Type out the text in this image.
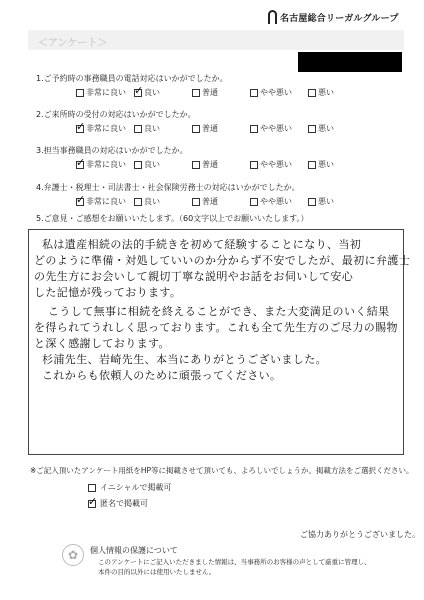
名古屋総合リーガルグループ
＜アンケート＞
1.ご予約時の事務職員の電話対応はいかがでしたか。
非常に良い
✓ 良い	普通	やや悪い	悪い
2.ご来所時の受付の対応はいかがでしたか。
✓
非常に良い 良い	普通	やや悪い	悪い
3.担当事務職員の対応はいかがでしたか。
✓
非常に良い 良い	普通	やや悪い	悪い
4.弁護士・税理士・司法書士・社会保険労務士の対応はいかがでしたか。
✓
非常に良い 良い	普通	やや悪い	悪い
5.ご意見・ご感想をお願いいたします。（60文字以上でお願いいたします。）
私は遺産相続の法的手続きを初めて経験することになり、当初
どのように準備・対処していいのか分からず不安でしたが、最初に弁護士
の先生方にお会いして親切丁寧な説明やお話をお伺いして安心
した記憶が残っております。
こうして無事に相続を終えることができ、また大変満足のいく結果
を得られてうれしく思っております。これも全て先生方のご尽力の賜物
と深く感謝しております。
杉浦先生、岩崎先生、本当にありがとうございました。
これからも依頼人のために頑張ってください。
※ご記入頂いたアンケート用紙をHP等に掲載させて頂いても、よろしいでしょうか。掲載方法をご選択ください。
イニシャルで掲載可
✓
匿名で掲載可
ご協力ありがとうございました。
✿	個人情報の保護について
このアンケートにご記入いただきました情報は、当事務所のお客様の声として厳重に管理し、
本件の目的以外には使用いたしません。
